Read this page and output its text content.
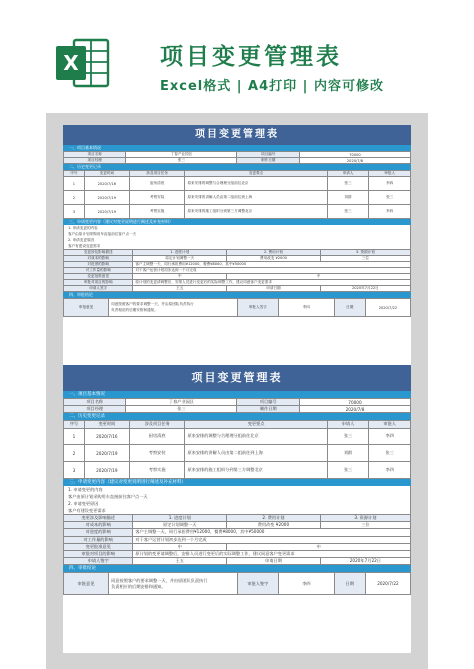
X	项目变更管理表
Excel格式 | A4打印 | 内容可修改
项目变更管理表
一、项目基本情况
项目名称	丁春产业园区	项目编号	70000
项目经理	张三	制作日期	2020/7/8
二、历史变更记录
序号	变更时间	涉及项目任务	变更要点	申请人	审批人
1	2020/7/16	厨房清底	原来安排的调整与合理理分组前往北京	张三	李四
2	2020/7/19	考察安装	原来安排的讲解人员由第二组前往到上海	刘群	张三
3	2020/7/19	考察实施	原来安排的施工组织分到第三方调整北京	张三	李四
三、申请变更内容（建议对变更说明进行阐述及补充材料）
1. 申请变更的内容
客户由原计划采购用车直接前往客户点一天
2. 申请变更原因
客户有建设变更需求
变更涉及影响描述	1. 进度计划	2. 费用计划	3. 资源计划
对成本的影响	原定计划调整一天	费用改变 ¥2000	三位
对进度的影响	客户主调整一天，同行承担费用¥12000，餐费¥8000，其中¥50000		
对工作量的影响	对于客户运营计划初步达到一个月完成		
变更批准意见	中	中	
审批对项目的影响	原计划的变更请调整后，安排人员进行变更后的实际调整工作，建议同意客户变更需求		
申请人签字	王五	申请日期	2020年7月22日
四、审批结论
审批意见	同意按照客户的要求调整一天，并由原团队负责执行
负责相应的后期安排和通知。
	审批人签字	李四	日期	2020/7/22
项目变更管理表
一、项目基本情况
项目名称	丁春产业园区	项目编号	70000
项目经理	张三	制作日期	2020/7/8
二、历史变更记录
序号	变更时间	涉及项目任务	变更要点	申请人	审批人
1	2020/7/16	厨房清底	原来安排的调整与合理理分组前往北京	张三	李四
2	2020/7/19	考察安装	原来安排的讲解人员由第二组前往到上海	刘群	张三
3	2020/7/19	考察实施	原来安排的施工组织分到第三方调整北京	张三	李四
三、申请变更内容（建议对变更说明进行阐述及补充材料）
1. 申请变更的内容
客户由原计划采购用车直接前往客户点一天
2. 申请变更原因
客户有建设变更需求
变更涉及影响描述	1. 进度计划	2. 费用计划	3. 资源计划
对成本的影响	原定计划调整一天	费用改变 ¥2000	三位
对进度的影响	客户主调整一天，同行承担费用¥12000，餐费¥8000，其中¥50000		
对工作量的影响	对于客户运营计划初步达到一个月完成		
变更批准意见	中	中	
审批对项目的影响	原计划的变更请调整后，安排人员进行变更后的实际调整工作，建议同意客户变更需求		
申请人签字	王五	申请日期	2020年7月22日
四、审批结论
审批意见	同意按照客户的要求调整一天，并由原团队负责执行
负责相应的后期安排和通知。
	审批人签字	李四	日期	2020/7/22
